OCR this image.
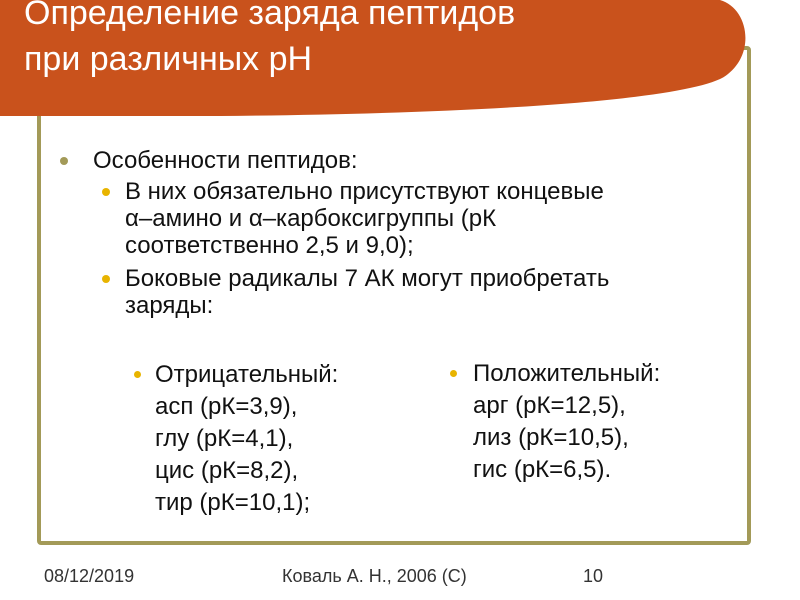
Определение заряда пептидов
при различных рН
Особенности пептидов:
В них обязательно присутствуют концевые
α–амино и α–карбоксигруппы (рК
соответственно 2,5 и 9,0);
Боковые радикалы 7 АК могут приобретать
заряды:
Отрицательный:
асп (рК=3,9),
глу (рК=4,1),
цис (рК=8,2),
тир (рК=10,1);
Положительный:
арг (рК=12,5),
лиз (рК=10,5),
гис (рК=6,5).
08/12/2019	Коваль А. Н., 2006 (С)	10
